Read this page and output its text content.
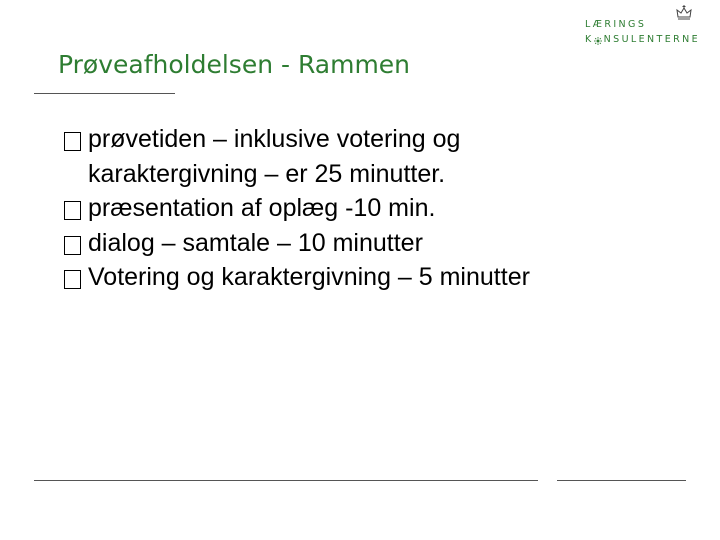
Prøveafholdelsen - Rammen
LÆRINGS
K NSULENTERNE
prøvetiden – inklusive votering og karaktergivning – er 25 minutter.
præsentation af oplæg -10 min.
dialog – samtale – 10 minutter
Votering og karaktergivning – 5 minutter
